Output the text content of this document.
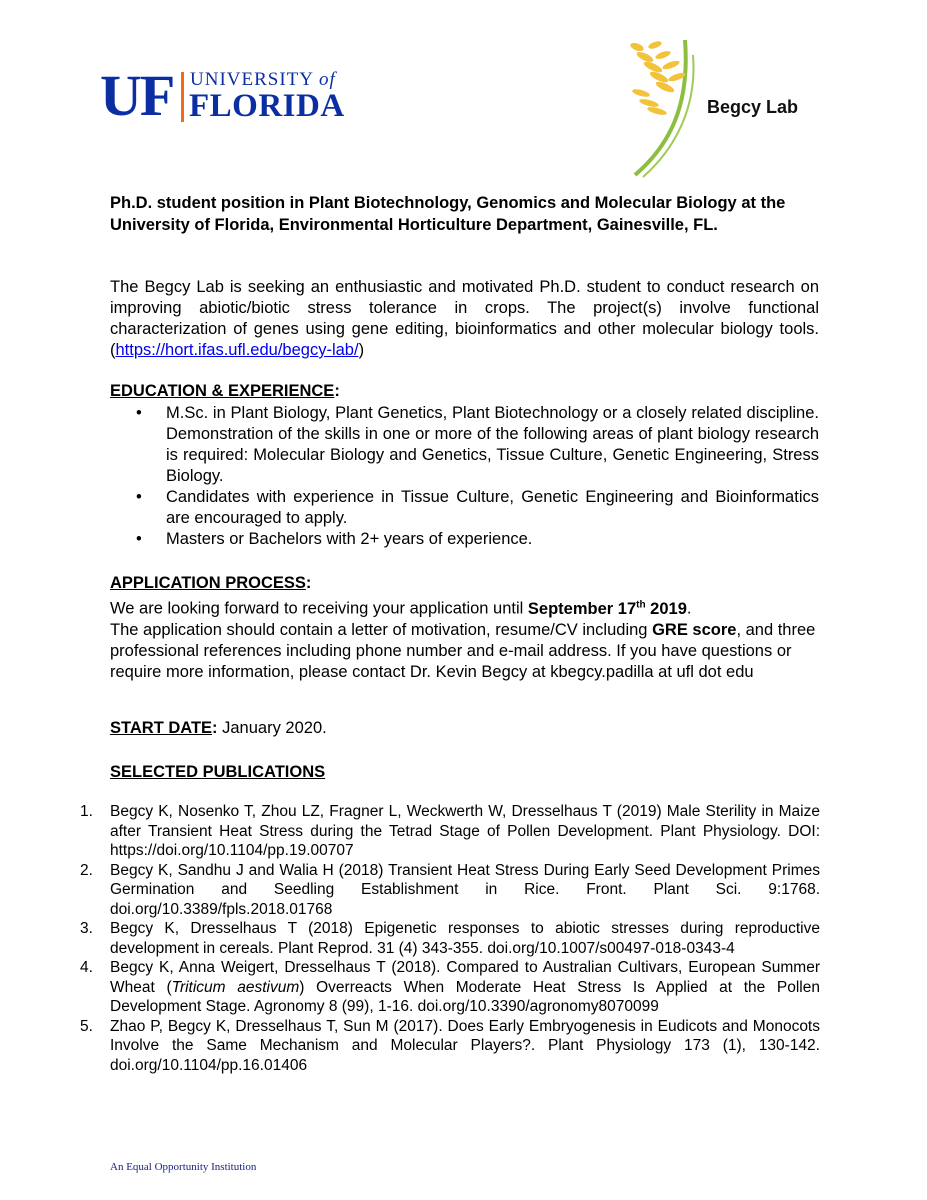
UF UNIVERSITY of
FLORIDA	Begcy Lab
Ph.D. student position in Plant Biotechnology, Genomics and Molecular Biology at the University of Florida, Environmental Horticulture Department, Gainesville, FL.
The Begcy Lab is seeking an enthusiastic and motivated Ph.D. student to conduct research on improving abiotic/biotic stress tolerance in crops. The project(s) involve functional characterization of genes using gene editing, bioinformatics and other molecular biology tools. (https://hort.ifas.ufl.edu/begcy-lab/)
EDUCATION & EXPERIENCE:
• M.Sc. in Plant Biology, Plant Genetics, Plant Biotechnology or a closely related discipline. Demonstration of the skills in one or more of the following areas of plant biology research is required: Molecular Biology and Genetics, Tissue Culture, Genetic Engineering, Stress Biology.
• Candidates with experience in Tissue Culture, Genetic Engineering and Bioinformatics are encouraged to apply.
• Masters or Bachelors with 2+ years of experience.
APPLICATION PROCESS:
We are looking forward to receiving your application until September 17th 2019.
The application should contain a letter of motivation, resume/CV including GRE score, and three professional references including phone number and e-mail address. If you have questions or require more information, please contact Dr. Kevin Begcy at kbegcy.padilla at ufl dot edu
START DATE: January 2020.
SELECTED PUBLICATIONS
1. Begcy K, Nosenko T, Zhou LZ, Fragner L, Weckwerth W, Dresselhaus T (2019) Male Sterility in Maize after Transient Heat Stress during the Tetrad Stage of Pollen Development. Plant Physiology. DOI: https://doi.org/10.1104/pp.19.00707
2. Begcy K, Sandhu J and Walia H (2018) Transient Heat Stress During Early Seed Development Primes Germination and Seedling Establishment in Rice. Front. Plant Sci. 9:1768. doi.org/10.3389/fpls.2018.01768
3. Begcy K, Dresselhaus T (2018) Epigenetic responses to abiotic stresses during reproductive development in cereals. Plant Reprod. 31 (4) 343-355. doi.org/10.1007/s00497-018-0343-4
4. Begcy K, Anna Weigert, Dresselhaus T (2018). Compared to Australian Cultivars, European Summer Wheat (Triticum aestivum) Overreacts When Moderate Heat Stress Is Applied at the Pollen Development Stage. Agronomy 8 (99), 1-16. doi.org/10.3390/agronomy8070099
5. Zhao P, Begcy K, Dresselhaus T, Sun M (2017). Does Early Embryogenesis in Eudicots and Monocots Involve the Same Mechanism and Molecular Players?. Plant Physiology 173 (1), 130-142. doi.org/10.1104/pp.16.01406
An Equal Opportunity Institution
